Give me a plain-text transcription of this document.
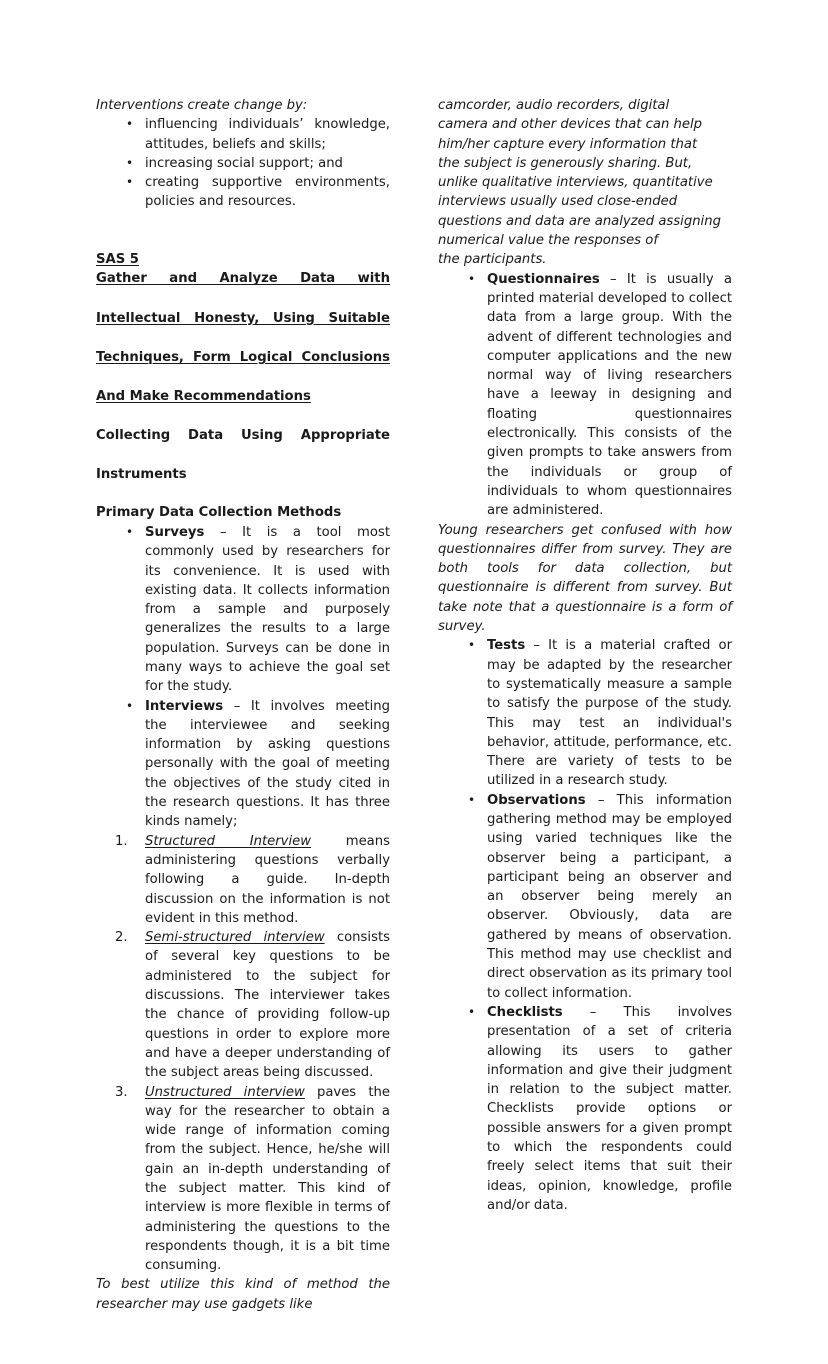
Interventions create change by:

• influencing individuals’ knowledge, attitudes, beliefs and skills;
• increasing social support; and
• creating supportive environments, policies and resources.

SAS 5

Gather and Analyze Data with
Intellectual Honesty, Using Suitable
Techniques, Form Logical Conclusions
And Make Recommendations

Collecting Data Using Appropriate
Instruments

Primary Data Collection Methods

• Surveys – It is a tool most commonly used by researchers for its convenience. It is used with existing data. It collects information from a sample and purposely generalizes the results to a large population. Surveys can be done in many ways to achieve the goal set for the study.
• Interviews – It involves meeting the interviewee and seeking information by asking questions personally with the goal of meeting the objectives of the study cited in the research questions. It has three kinds namely;
1.	Structured Interview means administering questions verbally following a guide. In-depth discussion on the information is not evident in this method.
2.	Semi-structured interview consists of several key questions to be administered to the subject for discussions. The interviewer takes the chance of providing follow-up questions in order to explore more and have a deeper understanding of the subject areas being discussed.
3.	Unstructured interview paves the way for the researcher to obtain a wide range of information coming from the subject. Hence, he/she will gain an in-depth understanding of the subject matter. This kind of interview is more flexible in terms of administering the questions to the respondents though, it is a bit time consuming.

To best utilize this kind of method the researcher may use gadgets like

camcorder, audio recorders, digital
camera and other devices that can help
him/her capture every information that
the subject is generously sharing. But,
unlike qualitative interviews, quantitative
interviews usually used close-ended
questions and data are analyzed assigning
numerical value the responses of
the participants.

• Questionnaires – It is usually a printed material developed to collect data from a large group. With the advent of different technologies and computer applications and the new normal way of living researchers have a leeway in designing and floating questionnaires electronically. This consists of the given prompts to take answers from the individuals or group of individuals to whom questionnaires are administered.

Young researchers get confused with how questionnaires differ from survey. They are both tools for data collection, but questionnaire is different from survey. But take note that a questionnaire is a form of survey.

• Tests – It is a material crafted or may be adapted by the researcher to systematically measure a sample to satisfy the purpose of the study. This may test an individual's behavior, attitude, performance, etc. There are variety of tests to be utilized in a research study.
• Observations – This information gathering method may be employed using varied techniques like the observer being a participant, a participant being an observer and an observer being merely an observer. Obviously, data are gathered by means of observation. This method may use checklist and direct observation as its primary tool to collect information.
• Checklists – This involves presentation of a set of criteria allowing its users to gather information and give their judgment in relation to the subject matter. Checklists provide options or possible answers for a given prompt to which the respondents could freely select items that suit their ideas, opinion, knowledge, profile and/or data.
